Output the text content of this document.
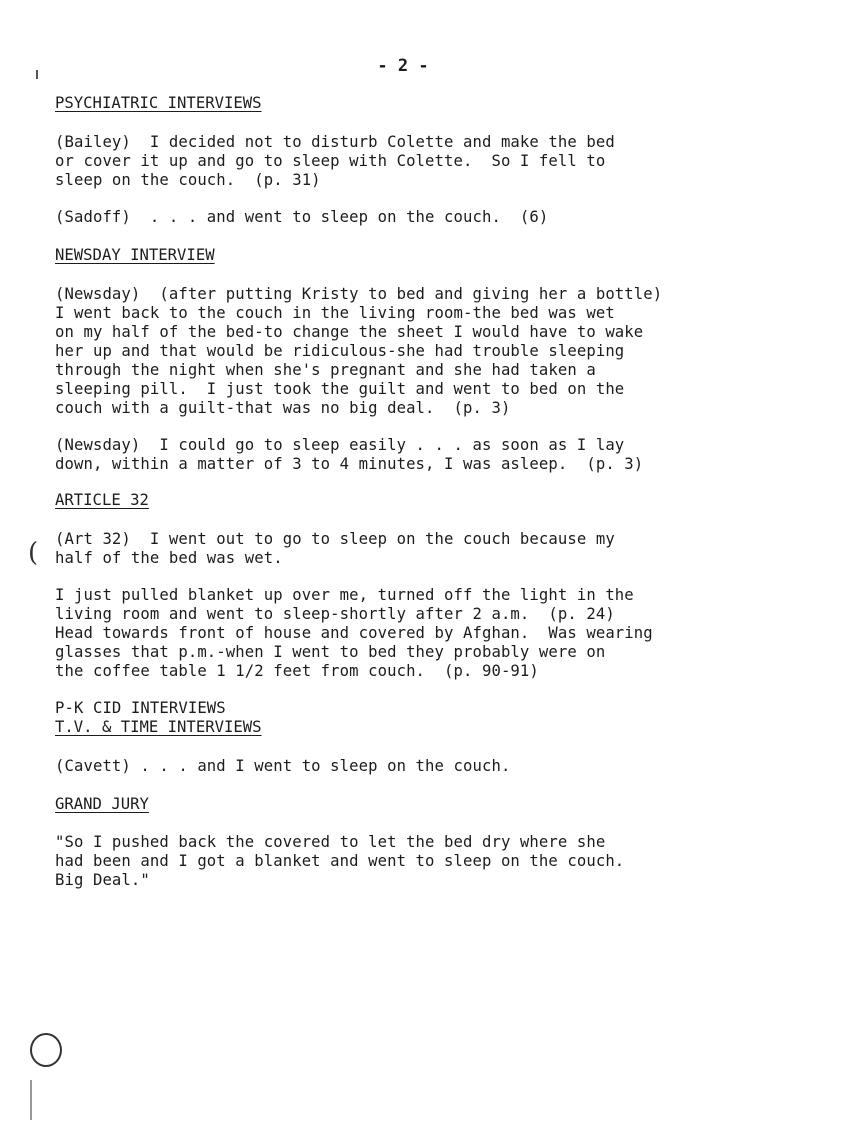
- 2 -
PSYCHIATRIC INTERVIEWS

(Bailey)  I decided not to disturb Colette and make the bed
or cover it up and go to sleep with Colette.  So I fell to
sleep on the couch.  (p. 31)

(Sadoff)  . . . and went to sleep on the couch.  (6)

NEWSDAY INTERVIEW

(Newsday)  (after putting Kristy to bed and giving her a bottle)
I went back to the couch in the living room-the bed was wet
on my half of the bed-to change the sheet I would have to wake
her up and that would be ridiculous-she had trouble sleeping
through the night when she's pregnant and she had taken a
sleeping pill.  I just took the guilt and went to bed on the
couch with a guilt-that was no big deal.  (p. 3)

(Newsday)  I could go to sleep easily . . . as soon as I lay
down, within a matter of 3 to 4 minutes, I was asleep.  (p. 3)

ARTICLE 32

(Art 32)  I went out to go to sleep on the couch because my
half of the bed was wet.

I just pulled blanket up over me, turned off the light in the
living room and went to sleep-shortly after 2 a.m.  (p. 24)
Head towards front of house and covered by Afghan.  Was wearing
glasses that p.m.-when I went to bed they probably were on
the coffee table 1 1/2 feet from couch.  (p. 90-91)

P-K CID INTERVIEWS
T.V. & TIME INTERVIEWS

(Cavett) . . . and I went to sleep on the couch.

GRAND JURY

"So I pushed back the covered to let the bed dry where she
had been and I got a blanket and went to sleep on the couch.
Big Deal."

(
